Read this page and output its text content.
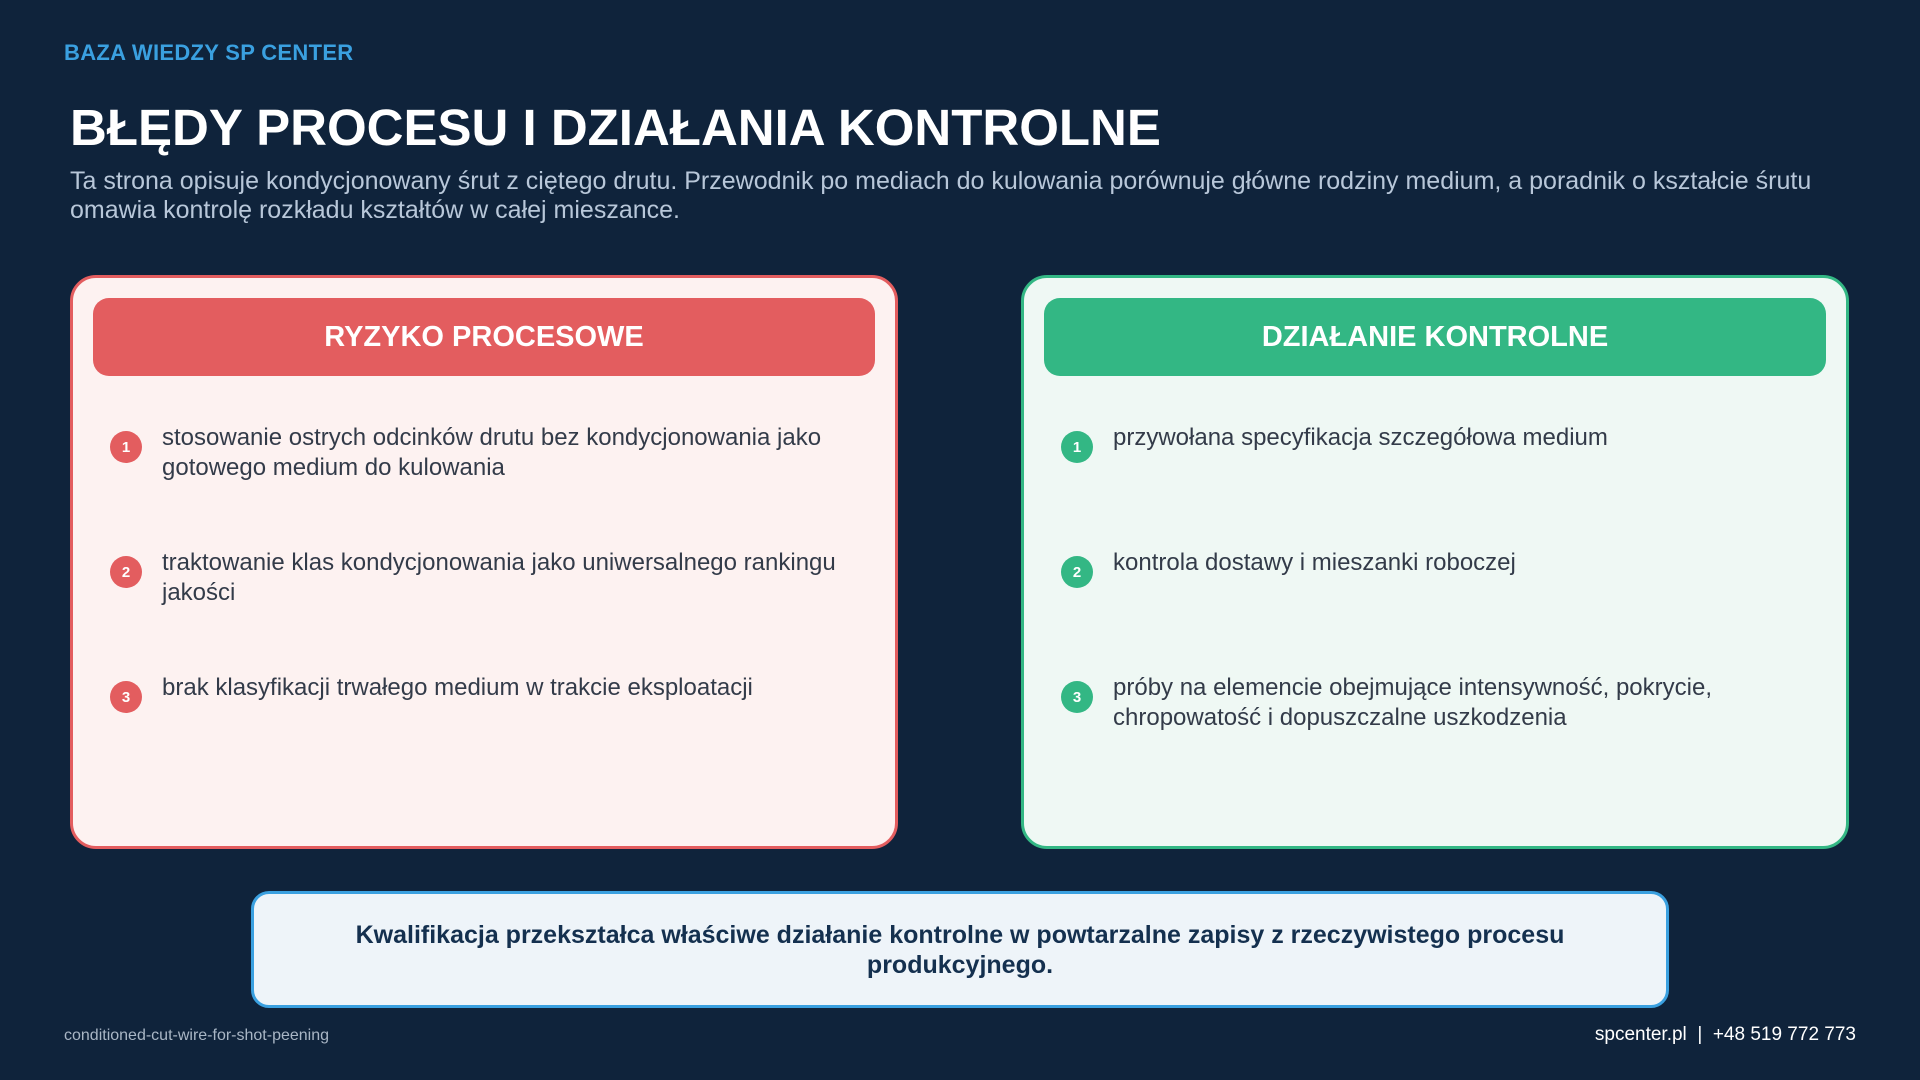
BAZA WIEDZY SP CENTER
BŁĘDY PROCESU I DZIAŁANIA KONTROLNE

Ta strona opisuje kondycjonowany śrut z ciętego drutu. Przewodnik po mediach do kulowania porównuje główne rodziny medium, a poradnik o kształcie śrutu omawia kontrolę rozkładu kształtów w całej mieszance.

RYZYKO PROCESOWE
1	stosowanie ostrych odcinków drutu bez kondycjonowania jako gotowego medium do kulowania
2	traktowanie klas kondycjonowania jako uniwersalnego rankingu jakości
3	brak klasyfikacji trwałego medium w trakcie eksploatacji
DZIAŁANIE KONTROLNE
1	przywołana specyfikacja szczegółowa medium
2	kontrola dostawy i mieszanki roboczej
3	próby na elemencie obejmujące intensywność, pokrycie, chropowatość i dopuszczalne uszkodzenia
Kwalifikacja przekształca właściwe działanie kontrolne w powtarzalne zapisy z rzeczywistego procesu produkcyjnego.
conditioned-cut-wire-for-shot-peening	spcenter.pl  |  +48 519 772 773
